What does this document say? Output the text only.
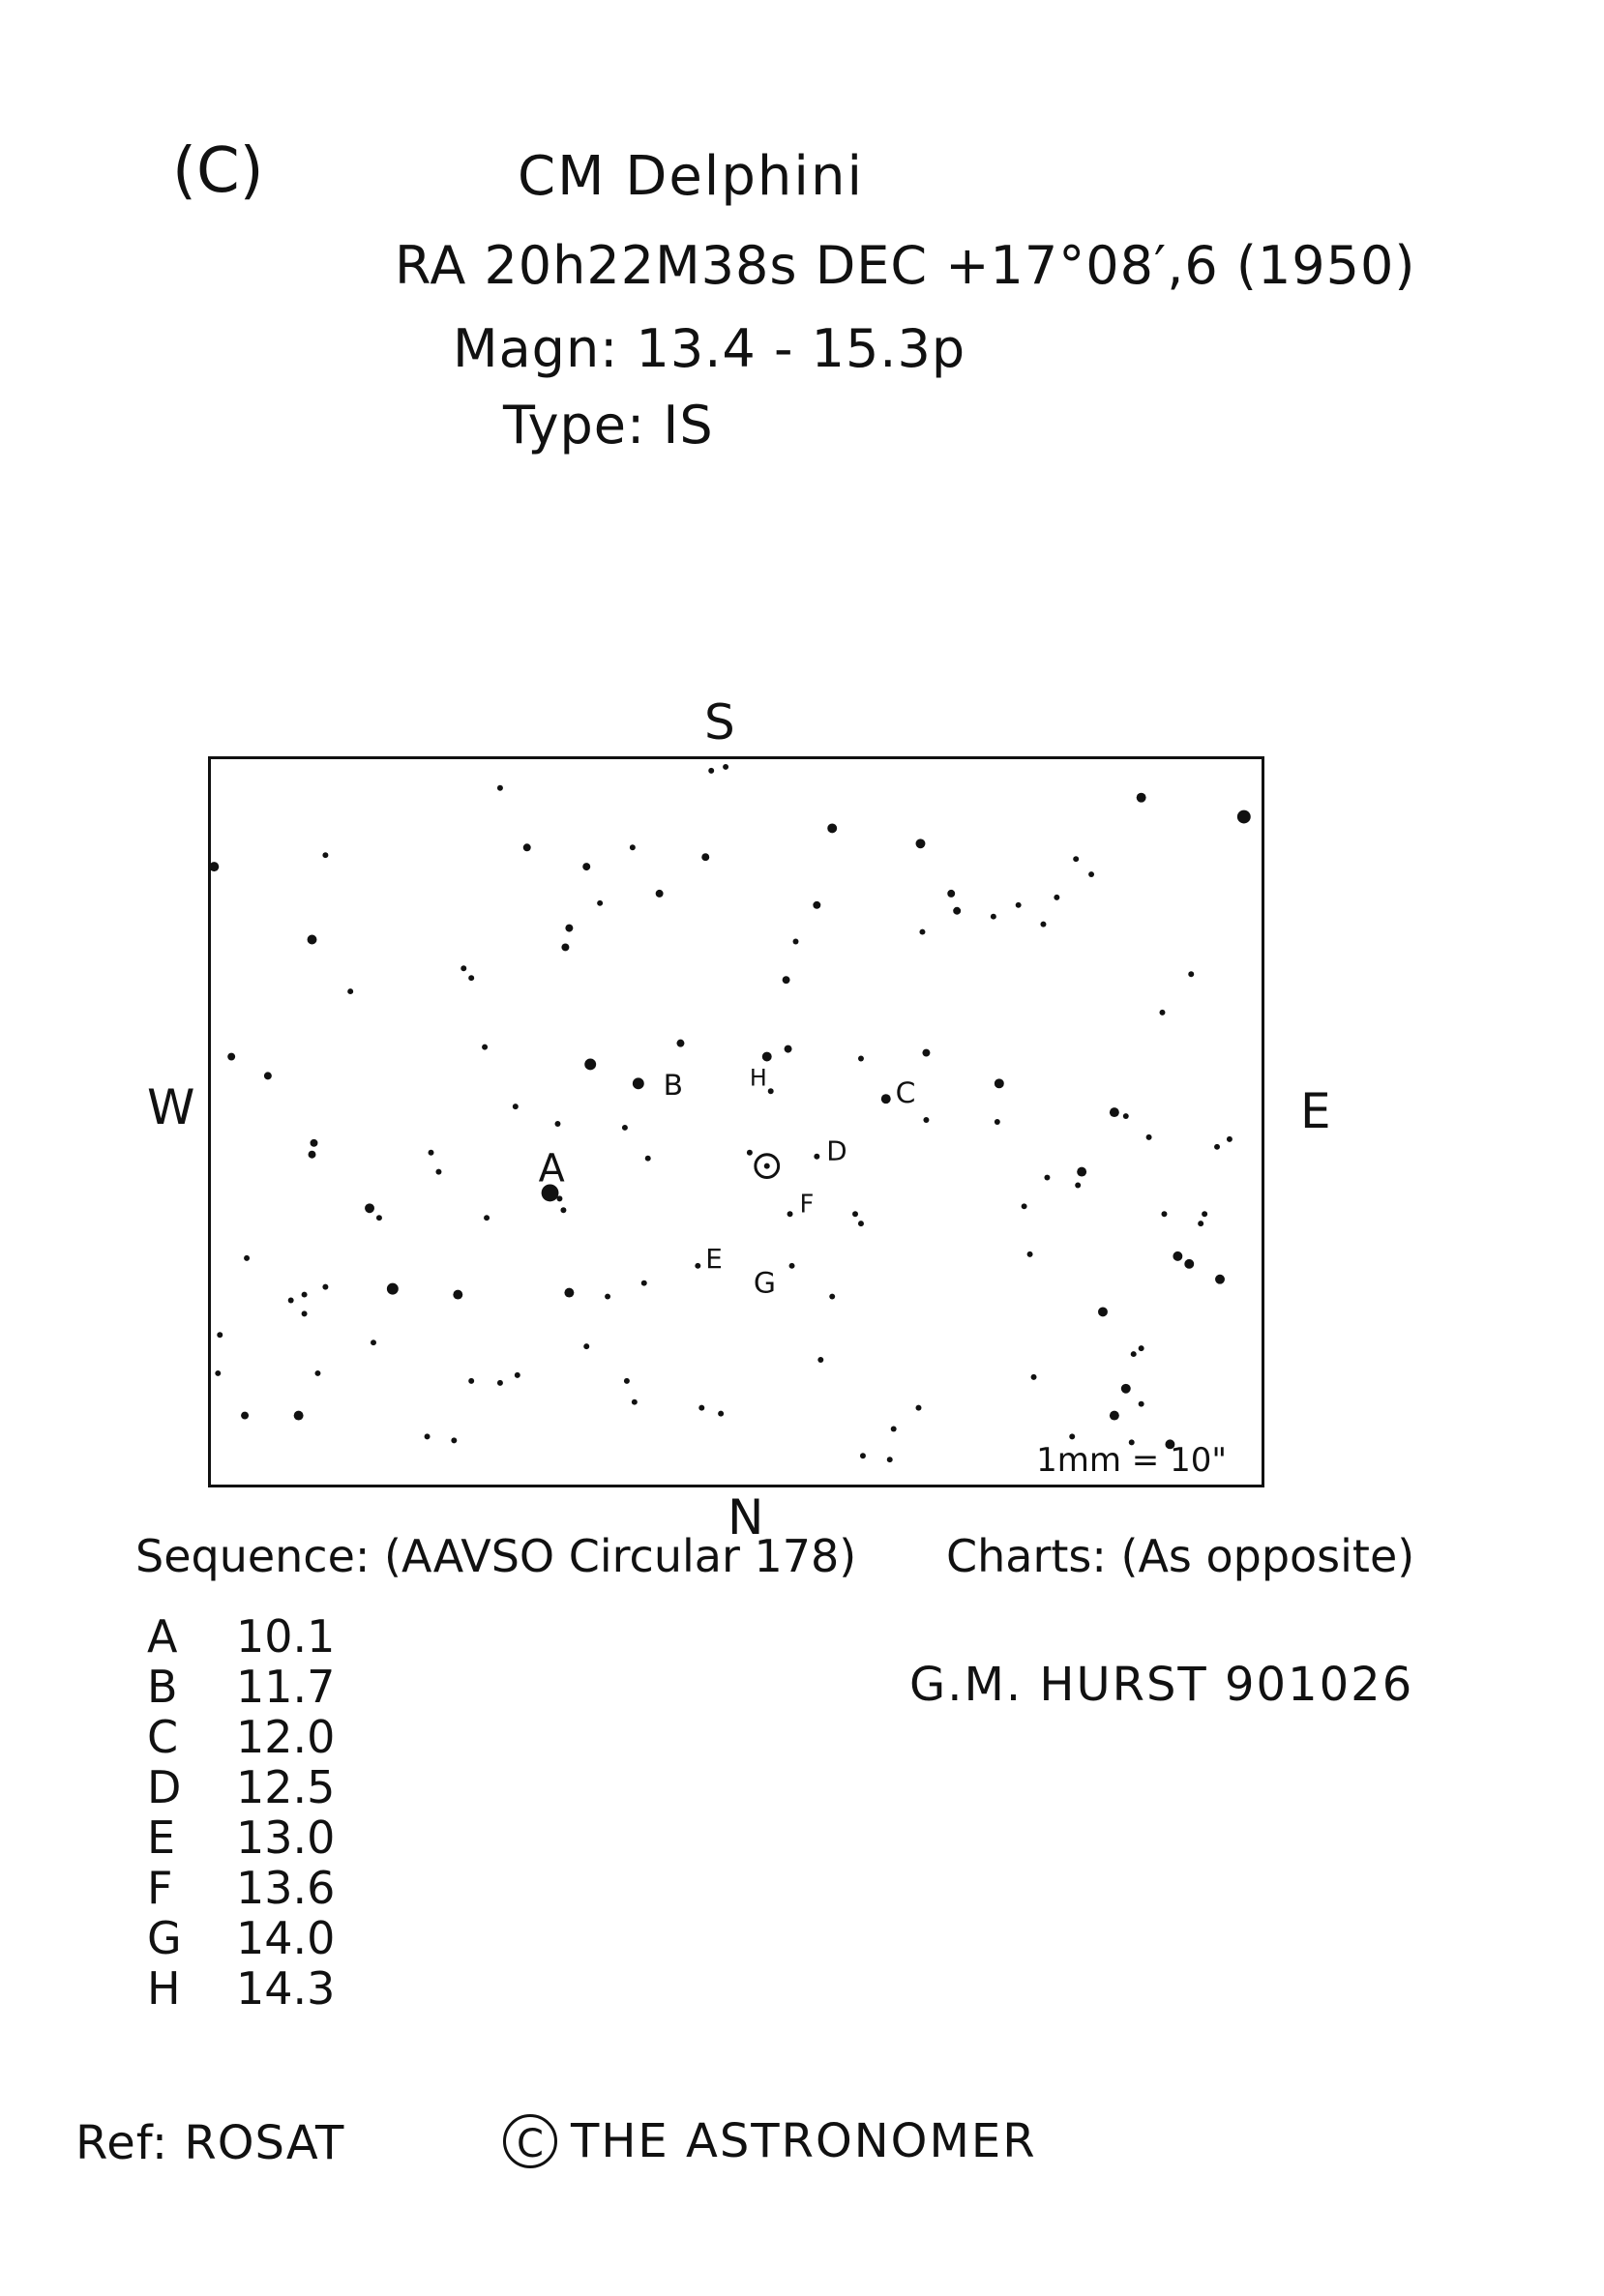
(C)	CM Delphini
RA 20h22M38s DEC +17°08′,6 (1950)
Magn: 13.4 - 15.3p
Type: IS
S
N
W	E
A
B	C
D
E
F
G
H
1mm = 10"
Sequence: (AAVSO Circular 178) Charts: (As opposite)
G.M. HURST 901026
A	10.1
B	11.7
C	12.0
D	12.5
E	13.0
F	13.6
G	14.0
H	14.3
Ref: ROSAT	C THE ASTRONOMER
